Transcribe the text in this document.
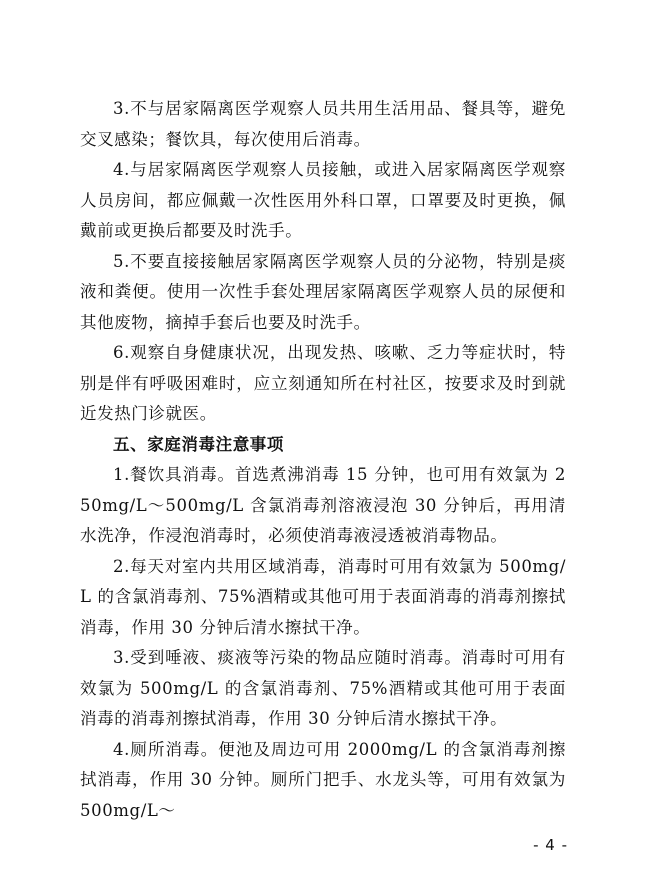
3.不与居家隔离医学观察人员共用生活用品、餐具等，避免交叉感染；餐饮具，每次使用后消毒。

4.与居家隔离医学观察人员接触，或进入居家隔离医学观察人员房间，都应佩戴一次性医用外科口罩，口罩要及时更换，佩戴前或更换后都要及时洗手。

5.不要直接接触居家隔离医学观察人员的分泌物，特别是痰液和粪便。使用一次性手套处理居家隔离医学观察人员的尿便和其他废物，摘掉手套后也要及时洗手。

6.观察自身健康状况，出现发热、咳嗽、乏力等症状时，特别是伴有呼吸困难时，应立刻通知所在村社区，按要求及时到就近发热门诊就医。

五、家庭消毒注意事项

1.餐饮具消毒。首选煮沸消毒 15 分钟，也可用有效氯为 250mg/L～500mg/L 含氯消毒剂溶液浸泡 30 分钟后，再用清水洗净，作浸泡消毒时，必须使消毒液浸透被消毒物品。

2.每天对室内共用区域消毒，消毒时可用有效氯为 500mg/L 的含氯消毒剂、75%酒精或其他可用于表面消毒的消毒剂擦拭消毒，作用 30 分钟后清水擦拭干净。

3.受到唾液、痰液等污染的物品应随时消毒。消毒时可用有效氯为 500mg/L 的含氯消毒剂、75%酒精或其他可用于表面消毒的消毒剂擦拭消毒，作用 30 分钟后清水擦拭干净。

4.厕所消毒。便池及周边可用 2000mg/L 的含氯消毒剂擦拭消毒，作用 30 分钟。厕所门把手、水龙头等，可用有效氯为 500mg/L～

- 4 -
